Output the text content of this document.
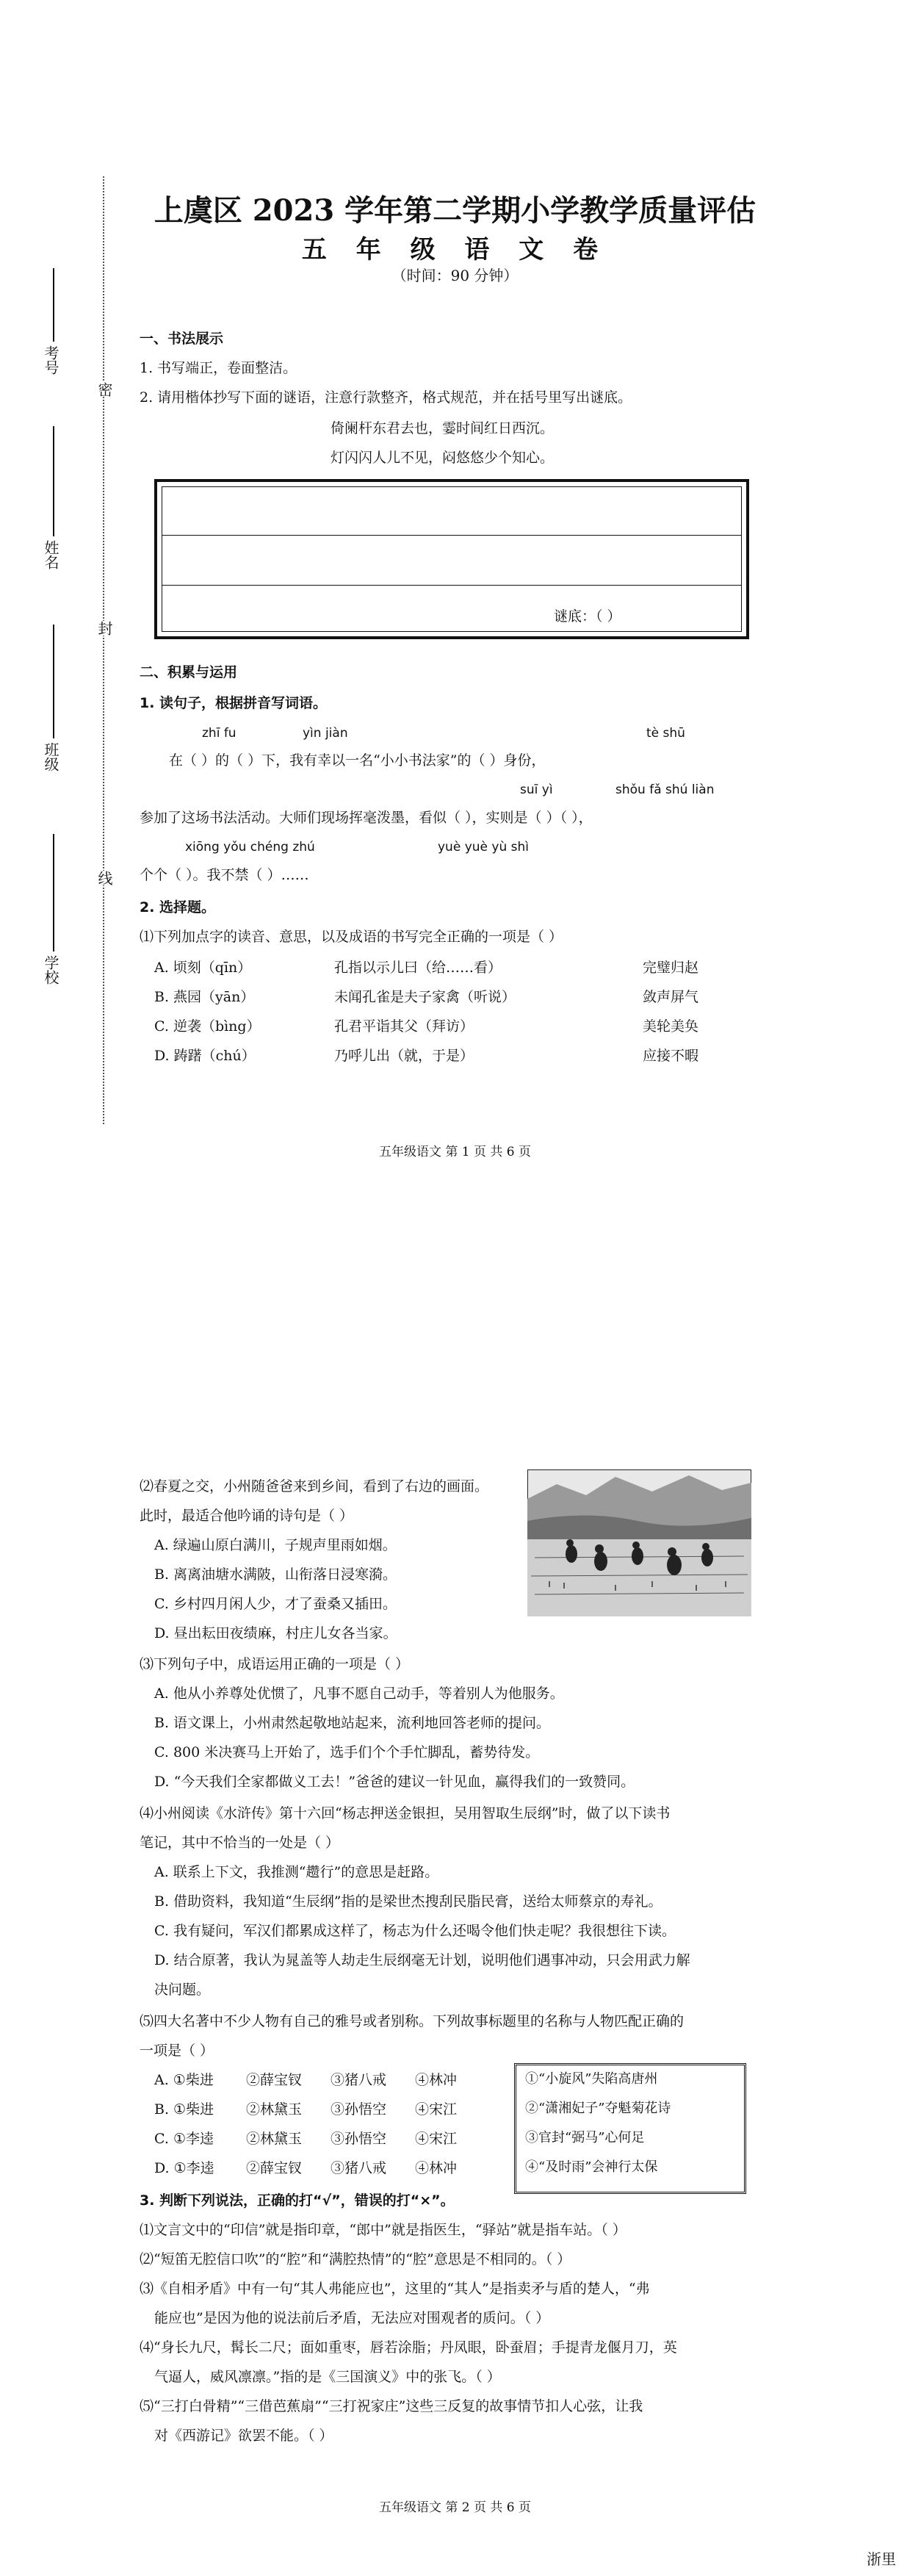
考号
姓名
班级
学校
密
封
线
上虞区 2023 学年第二学期小学教学质量评估
五 年 级 语 文 卷
（时间：90 分钟）
一、书法展示
1. 书写端正，卷面整洁。
2. 请用楷体抄写下面的谜语，注意行款整齐，格式规范，并在括号里写出谜底。
倚阑杆东君去也，霎时间红日西沉。
灯闪闪人儿不见，闷悠悠少个知心。
谜底：（ ）
二、积累与运用
1. 读句子，根据拼音写词语。
zhī fu	yìn jiàn	tè shū
在（ ）的（ ）下，我有幸以一名“小小书法家”的（ ）身份，
suī yì	shǒu fǎ shú liàn
参加了这场书法活动。大师们现场挥毫泼墨，看似（ ），实则是（ ）（ ），
xiōng yǒu chéng zhú	yuè yuè yù shì
个个（ ）。我不禁（ ）……
2. 选择题。
⑴下列加点字的读音、意思，以及成语的书写完全正确的一项是（ ）
A. 顷刻（qīn）	孔指以示儿曰（给……看）	完璧归赵
B. 燕园（yān）	未闻孔雀是夫子家禽（听说）	敛声屏气
C. 逆袭（bìng）	孔君平诣其父（拜访）	美轮美奂
D. 踌躇（chú）	乃呼儿出（就，于是）	应接不暇
五年级语文 第 1 页 共 6 页
⑵春夏之交，小州随爸爸来到乡间，看到了右边的画面。
此时，最适合他吟诵的诗句是（ ）
A. 绿遍山原白满川，子规声里雨如烟。
B. 离离油塘水满陂，山衔落日浸寒漪。
C. 乡村四月闲人少，才了蚕桑又插田。
D. 昼出耘田夜绩麻，村庄儿女各当家。
⑶下列句子中，成语运用正确的一项是（ ）
A. 他从小养尊处优惯了，凡事不愿自己动手，等着别人为他服务。
B. 语文课上，小州肃然起敬地站起来，流利地回答老师的提问。
C. 800 米决赛马上开始了，选手们个个手忙脚乱，蓄势待发。
D. “今天我们全家都做义工去！”爸爸的建议一针见血，赢得我们的一致赞同。
⑷小州阅读《水浒传》第十六回“杨志押送金银担，吴用智取生辰纲”时，做了以下读书
笔记，其中不恰当的一处是（ ）
A. 联系上下文，我推测“趱行”的意思是赶路。
B. 借助资料，我知道“生辰纲”指的是梁世杰搜刮民脂民膏，送给太师蔡京的寿礼。
C. 我有疑问，军汉们都累成这样了，杨志为什么还喝令他们快走呢？我很想往下读。
D. 结合原著，我认为晁盖等人劫走生辰纲毫无计划，说明他们遇事冲动，只会用武力解
决问题。
⑸四大名著中不少人物有自己的雅号或者别称。下列故事标题里的名称与人物匹配正确的
一项是（ ）
A. ①柴进 ②薛宝钗 ③猪八戒 ④林冲
B. ①柴进 ②林黛玉 ③孙悟空 ④宋江
C. ①李逵 ②林黛玉 ③孙悟空 ④宋江
D. ①李逵 ②薛宝钗 ③猪八戒 ④林冲
①“小旋风”失陷高唐州
②“潇湘妃子”夺魁菊花诗
③官封“弼马”心何足
④“及时雨”会神行太保
3. 判断下列说法，正确的打“√”，错误的打“×”。
⑴文言文中的“印信”就是指印章，“郎中”就是指医生，“驿站”就是指车站。（ ）
⑵“短笛无腔信口吹”的“腔”和“满腔热情”的“腔”意思是不相同的。（ ）
⑶《自相矛盾》中有一句“其人弗能应也”，这里的“其人”是指卖矛与盾的楚人，“弗
能应也”是因为他的说法前后矛盾，无法应对围观者的质问。（ ）
⑷“身长九尺，髯长二尺；面如重枣，唇若涂脂；丹凤眼，卧蚕眉；手提青龙偃月刀，英
气逼人，威风凛凛。”指的是《三国演义》中的张飞。（ ）
⑸“三打白骨精”“三借芭蕉扇”“三打祝家庄”这些三反复的故事情节扣人心弦，让我
对《西游记》欲罢不能。（ ）
五年级语文 第 2 页 共 6 页
浙里
